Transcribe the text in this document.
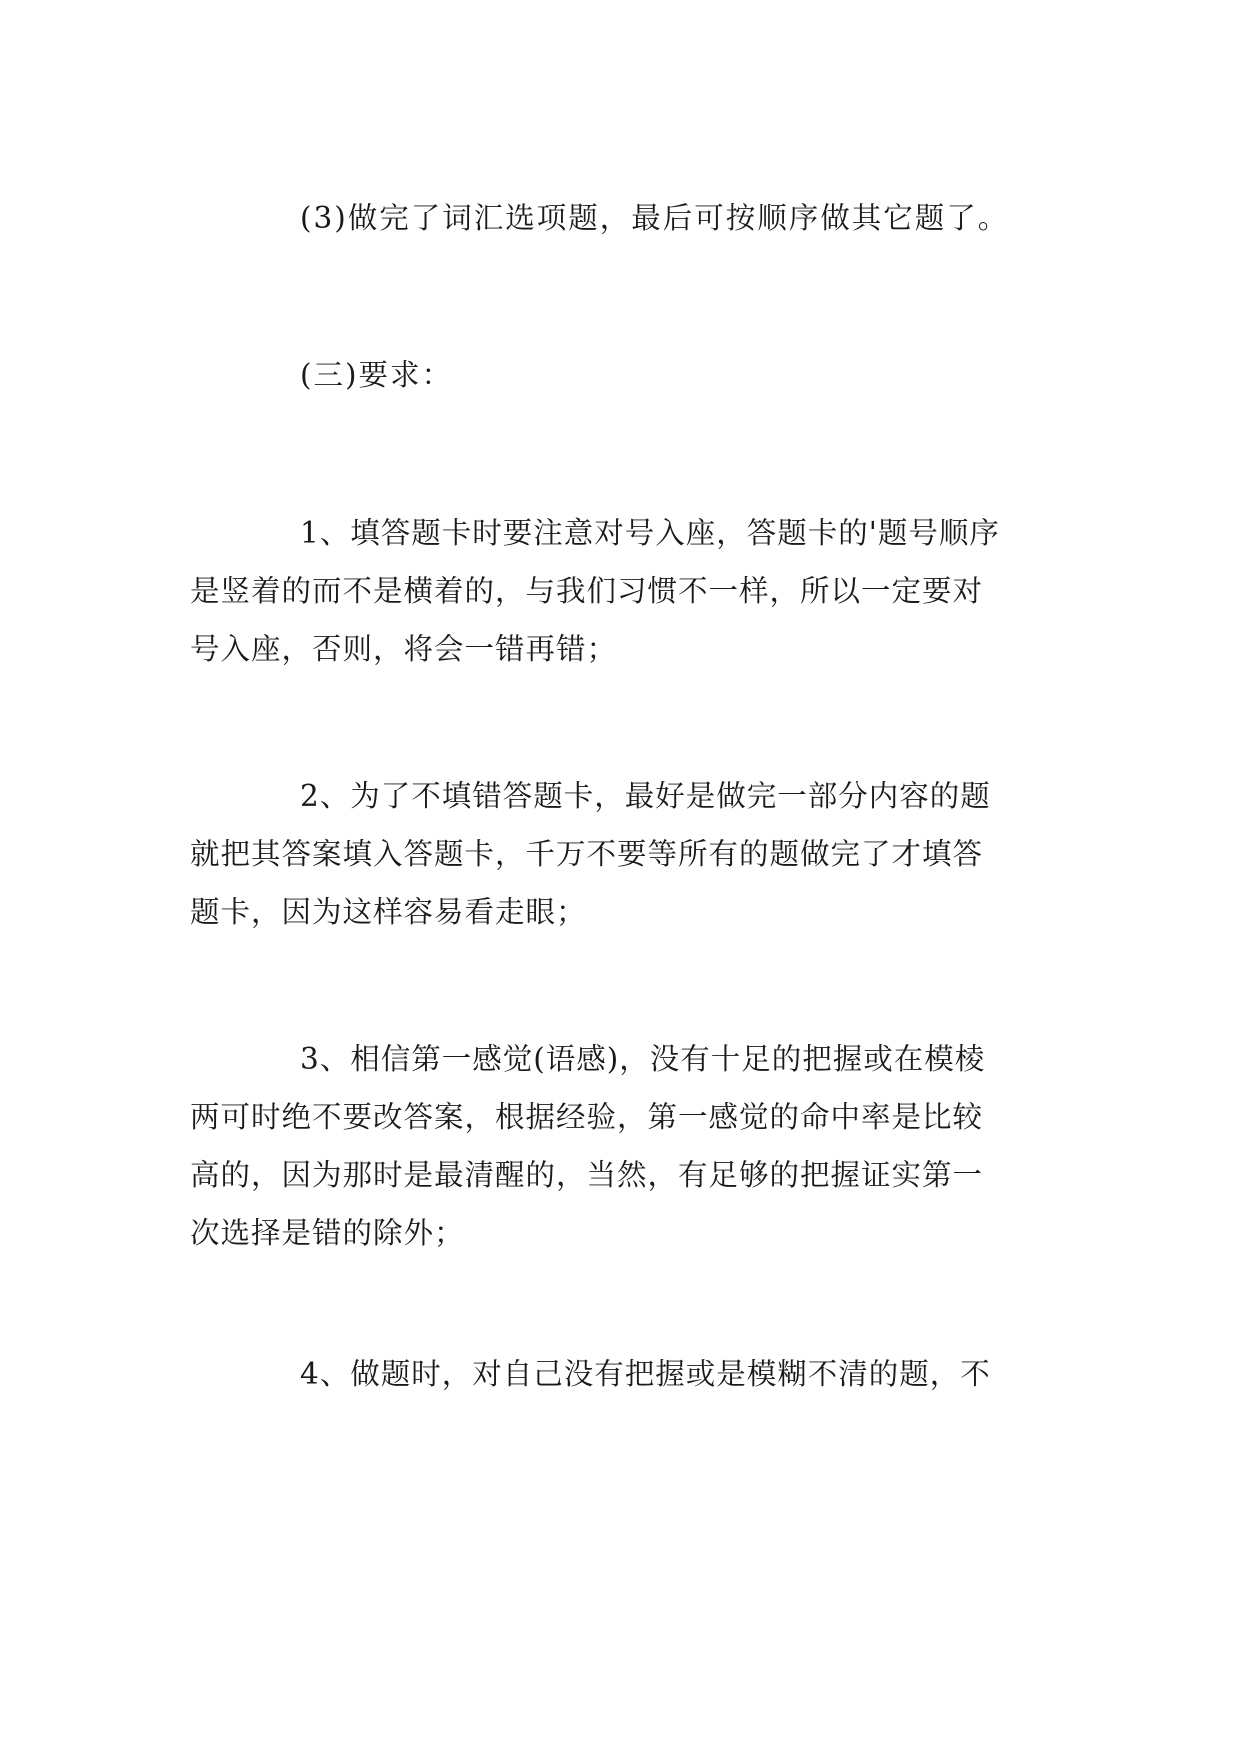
(3)做完了词汇选项题，最后可按顺序做其它题了。

(三)要求：

1、填答题卡时要注意对号入座，答题卡的'题号顺序
是竖着的而不是横着的，与我们习惯不一样，所以一定要对
号入座，否则，将会一错再错；

2、为了不填错答题卡，最好是做完一部分内容的题
就把其答案填入答题卡，千万不要等所有的题做完了才填答
题卡，因为这样容易看走眼；

3、相信第一感觉(语感)，没有十足的把握或在模棱
两可时绝不要改答案，根据经验，第一感觉的命中率是比较
高的，因为那时是最清醒的，当然，有足够的把握证实第一
次选择是错的除外；

4、做题时，对自己没有把握或是模糊不清的题，不
